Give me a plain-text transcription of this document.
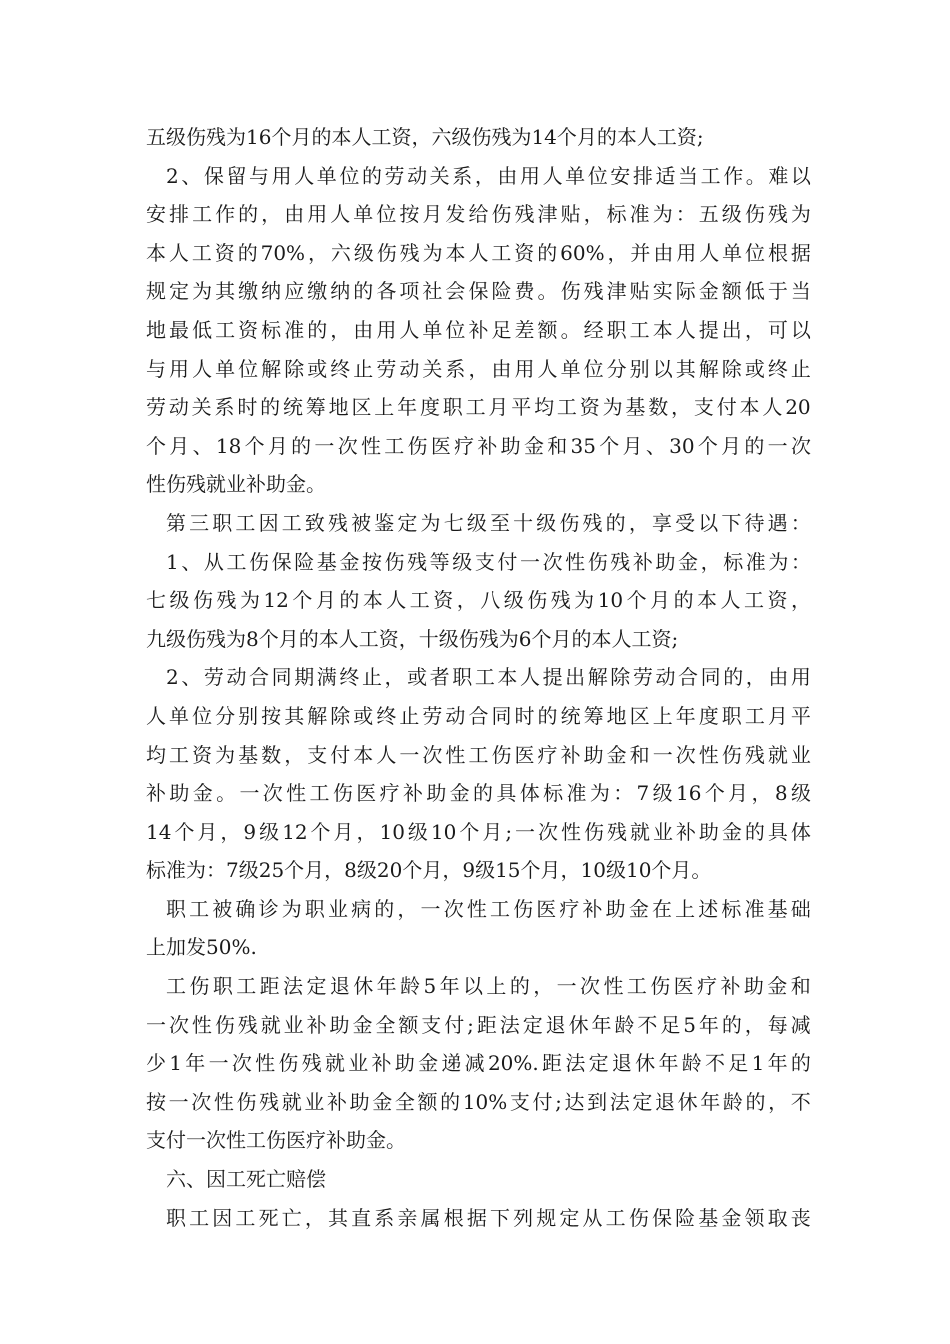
五级伤残为16个月的本人工资，六级伤残为14个月的本人工资;
2 、 保 留 与 用 人 单 位 的 劳 动 关 系 ， 由 用 人 单 位 安 排 适 当 工 作 。 难 以
安 排 工 作 的 ， 由 用 人 单 位 按 月 发 给 伤 残 津 贴 ， 标 准 为 ： 五 级 伤 残 为
本 人 工 资 的 70% ， 六 级 伤 残 为 本 人 工 资 的 60% ， 并 由 用 人 单 位 根 据
规 定 为 其 缴 纳 应 缴 纳 的 各 项 社 会 保 险 费 。 伤 残 津 贴 实 际 金 额 低 于 当
地 最 低 工 资 标 准 的 ， 由 用 人 单 位 补 足 差 额 。 经 职 工 本 人 提 出 ， 可 以
与 用 人 单 位 解 除 或 终 止 劳 动 关 系 ， 由 用 人 单 位 分 别 以 其 解 除 或 终 止
劳 动 关 系 时 的 统 筹 地 区 上 年 度 职 工 月 平 均 工 资 为 基 数 ， 支 付 本 人 20
个 月 、 18 个 月 的 一 次 性 工 伤 医 疗 补 助 金 和 35 个 月 、 30 个 月 的 一 次
性伤残就业补助金。
第 三 职 工 因 工 致 残 被 鉴 定 为 七 级 至 十 级 伤 残 的 ， 享 受 以 下 待 遇 ：
1 、 从 工 伤 保 险 基 金 按 伤 残 等 级 支 付 一 次 性 伤 残 补 助 金 ， 标 准 为 ：
七 级 伤 残 为 12 个 月 的 本 人 工 资 ， 八 级 伤 残 为 10 个 月 的 本 人 工 资 ，
九级伤残为8个月的本人工资，十级伤残为6个月的本人工资;
2 、 劳 动 合 同 期 满 终 止 ， 或 者 职 工 本 人 提 出 解 除 劳 动 合 同 的 ， 由 用
人 单 位 分 别 按 其 解 除 或 终 止 劳 动 合 同 时 的 统 筹 地 区 上 年 度 职 工 月 平
均 工 资 为 基 数 ， 支 付 本 人 一 次 性 工 伤 医 疗 补 助 金 和 一 次 性 伤 残 就 业
补 助 金 。 一 次 性 工 伤 医 疗 补 助 金 的 具 体 标 准 为 ： 7 级 16 个 月 ， 8 级
14 个 月 ， 9 级 12 个 月 ， 10 级 10 个 月 ; 一 次 性 伤 残 就 业 补 助 金 的 具 体
标准为：7级25个月，8级20个月，9级15个月，10级10个月。
职 工 被 确 诊 为 职 业 病 的 ， 一 次 性 工 伤 医 疗 补 助 金 在 上 述 标 准 基 础
上加发50%.
工 伤 职 工 距 法 定 退 休 年 龄 5 年 以 上 的 ， 一 次 性 工 伤 医 疗 补 助 金 和
一 次 性 伤 残 就 业 补 助 金 全 额 支 付 ; 距 法 定 退 休 年 龄 不 足 5 年 的 ， 每 减
少 1 年 一 次 性 伤 残 就 业 补 助 金 递 减 20%. 距 法 定 退 休 年 龄 不 足 1 年 的
按 一 次 性 伤 残 就 业 补 助 金 全 额 的 10% 支 付 ; 达 到 法 定 退 休 年 龄 的 ， 不
支付一次性工伤医疗补助金。
六、因工死亡赔偿
职 工 因 工 死 亡 ， 其 直 系 亲 属 根 据 下 列 规 定 从 工 伤 保 险 基 金 领 取 丧
